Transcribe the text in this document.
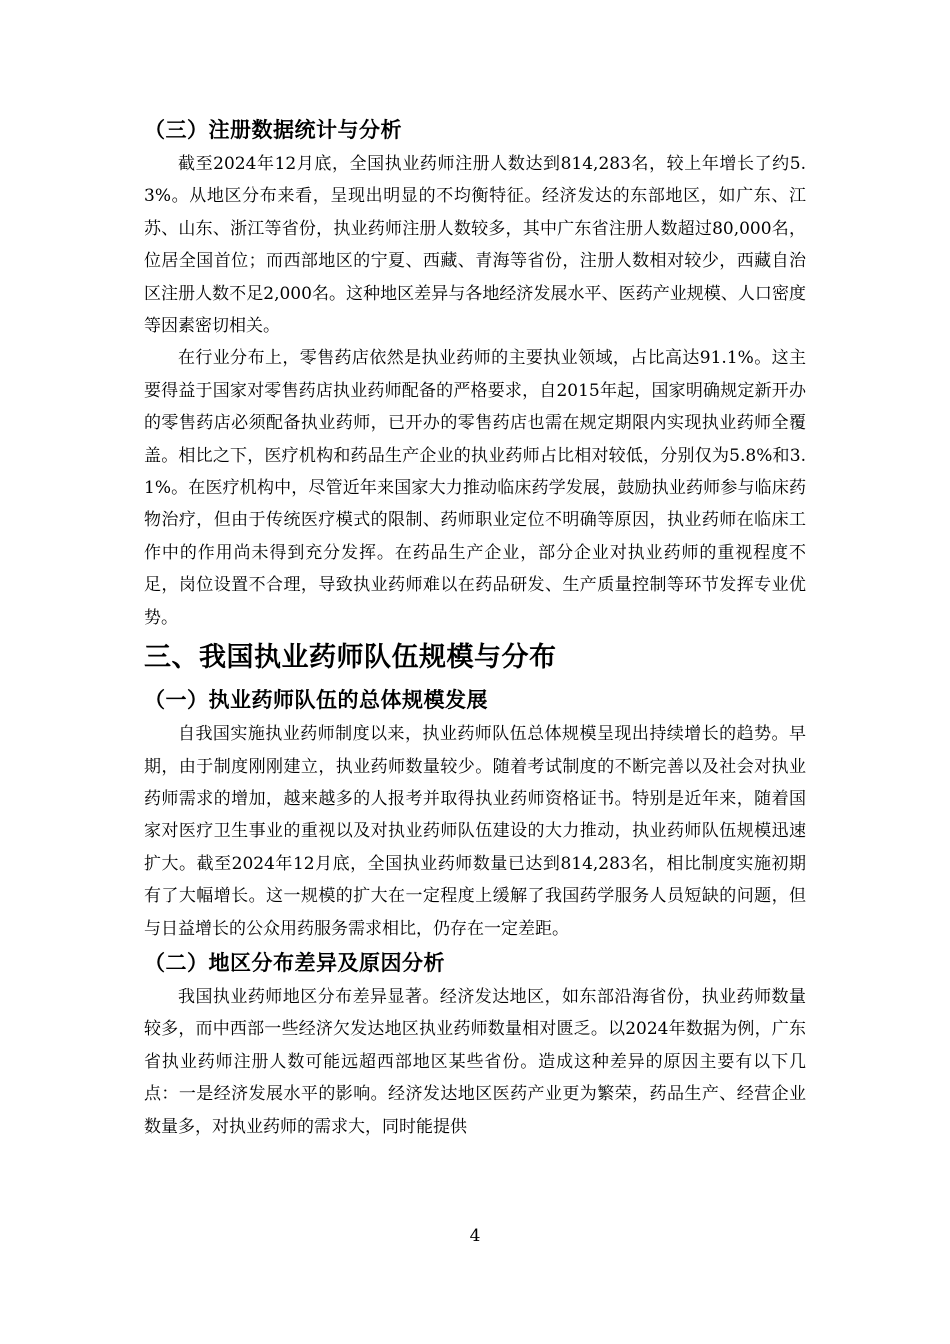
（三）注册数据统计与分析

截至2024年12月底，全国执业药师注册人数达到814,283名，较上年增长了约5.3%。从地区分布来看，呈现出明显的不均衡特征。经济发达的东部地区，如广东、江苏、山东、浙江等省份，执业药师注册人数较多，其中广东省注册人数超过80,000名，位居全国首位；而西部地区的宁夏、西藏、青海等省份，注册人数相对较少，西藏自治区注册人数不足2,000名。这种地区差异与各地经济发展水平、医药产业规模、人口密度等因素密切相关。

在行业分布上，零售药店依然是执业药师的主要执业领域，占比高达91.1%。这主要得益于国家对零售药店执业药师配备的严格要求，自2015年起，国家明确规定新开办的零售药店必须配备执业药师，已开办的零售药店也需在规定期限内实现执业药师全覆盖。相比之下，医疗机构和药品生产企业的执业药师占比相对较低，分别仅为5.8%和3.1%。在医疗机构中，尽管近年来国家大力推动临床药学发展，鼓励执业药师参与临床药物治疗，但由于传统医疗模式的限制、药师职业定位不明确等原因，执业药师在临床工作中的作用尚未得到充分发挥。在药品生产企业，部分企业对执业药师的重视程度不足，岗位设置不合理，导致执业药师难以在药品研发、生产质量控制等环节发挥专业优势。

三、我国执业药师队伍规模与分布
（一）执业药师队伍的总体规模发展

自我国实施执业药师制度以来，执业药师队伍总体规模呈现出持续增长的趋势。早期，由于制度刚刚建立，执业药师数量较少。随着考试制度的不断完善以及社会对执业药师需求的增加，越来越多的人报考并取得执业药师资格证书。特别是近年来，随着国家对医疗卫生事业的重视以及对执业药师队伍建设的大力推动，执业药师队伍规模迅速扩大。截至2024年12月底，全国执业药师数量已达到814,283名，相比制度实施初期有了大幅增长。这一规模的扩大在一定程度上缓解了我国药学服务人员短缺的问题，但与日益增长的公众用药服务需求相比，仍存在一定差距。

（二）地区分布差异及原因分析

我国执业药师地区分布差异显著。经济发达地区，如东部沿海省份，执业药师数量较多，而中西部一些经济欠发达地区执业药师数量相对匮乏。以2024年数据为例，广东省执业药师注册人数可能远超西部地区某些省份。造成这种差异的原因主要有以下几点：一是经济发展水平的影响。经济发达地区医药产业更为繁荣，药品生产、经营企业数量多，对执业药师的需求大，同时能提供

4
